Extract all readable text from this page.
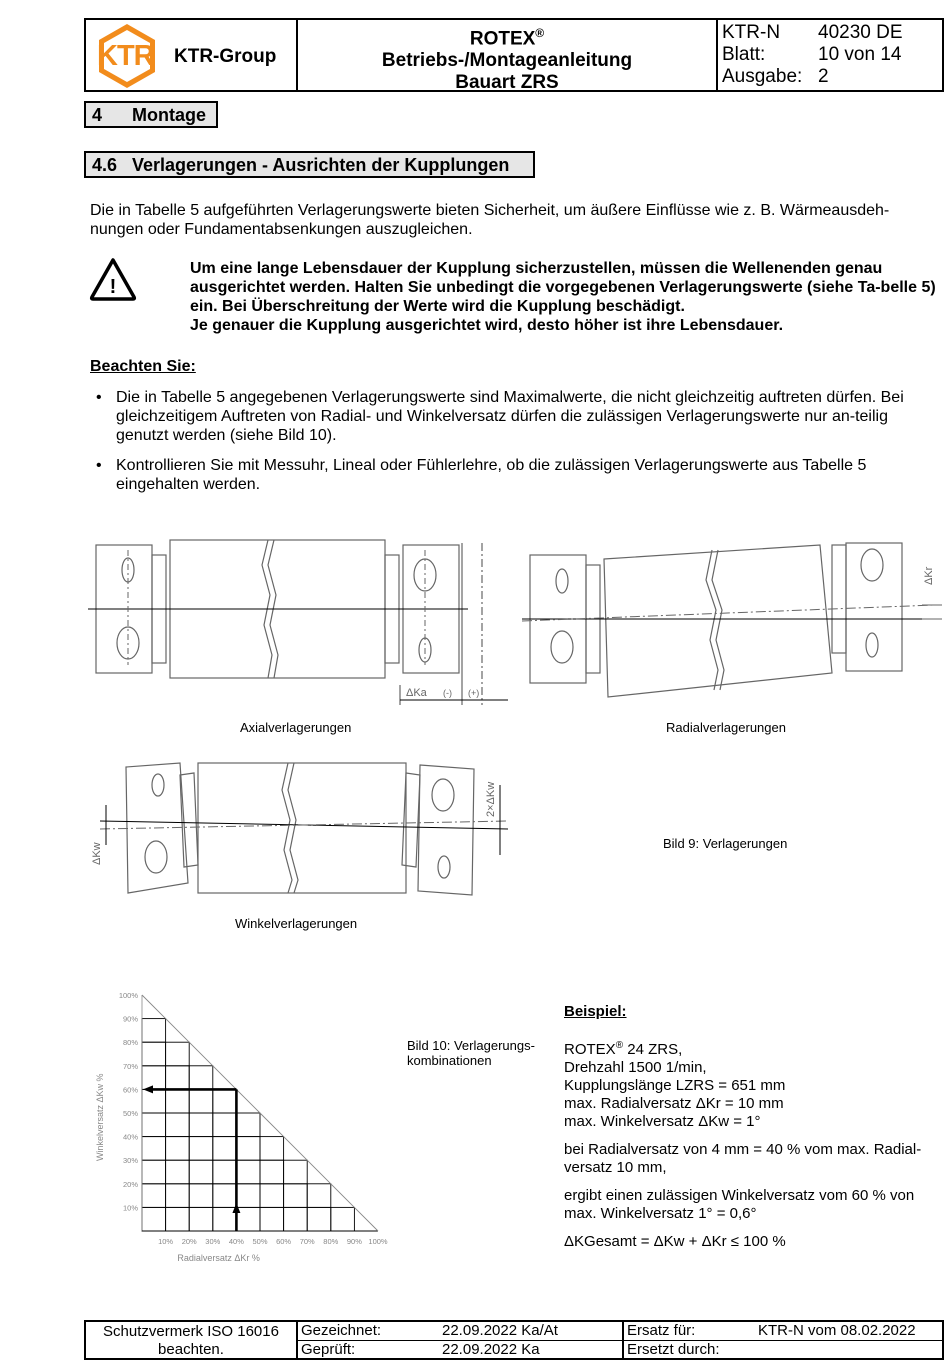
KTR KTR-Group
ROTEX®
Betriebs-/Montageanleitung
Bauart ZRS
KTR-N	40230 DE
Blatt:	10 von 14
Ausgabe: 2
4 Montage
4.6 Verlagerungen - Ausrichten der Kupplungen
Die in Tabelle 5 aufgeführten Verlagerungswerte bieten Sicherheit, um äußere Einflüsse wie z. B. Wärmeausdeh-nungen oder Fundamentabsenkungen auszugleichen.
!
Um eine lange Lebensdauer der Kupplung sicherzustellen, müssen die Wellenenden genau ausgerichtet werden. Halten Sie unbedingt die vorgegebenen Verlagerungswerte (siehe Ta-belle 5) ein. Bei Überschreitung der Werte wird die Kupplung beschädigt.
Je genauer die Kupplung ausgerichtet wird, desto höher ist ihre Lebensdauer.
Beachten Sie:
• Die in Tabelle 5 angegebenen Verlagerungswerte sind Maximalwerte, die nicht gleichzeitig auftreten dürfen. Bei gleichzeitigem Auftreten von Radial- und Winkelversatz dürfen die zulässigen Verlagerungswerte nur an-teilig genutzt werden (siehe Bild 10).
• Kontrollieren Sie mit Messuhr, Lineal oder Fühlerlehre, ob die zulässigen Verlagerungswerte aus Tabelle 5 eingehalten werden.
ΔKa (-) (+)
Axialverlagerungen
ΔKr
Radialverlagerungen
ΔKw
2×ΔKw
Winkelverlagerungen
Bild 9: Verlagerungen
100%
90%
80%
70%
60%
50%
40%
30%
20%
10%
10% 20% 30% 40% 50% 60% 70% 80% 90% 100%
Winkelversatz ΔKw %
Radialversatz ΔKr %
Bild 10: Verlagerungs-
kombinationen
Beispiel:
ROTEX® 24 ZRS,
Drehzahl 1500 1/min,
Kupplungslänge LZRS = 651 mm
max. Radialversatz ΔKr = 10 mm
max. Winkelversatz ΔKw = 1°
bei Radialversatz von 4 mm = 40 % vom max. Radial-versatz 10 mm,
ergibt einen zulässigen Winkelversatz vom 60 % von max. Winkelversatz 1° = 0,6°
ΔKGesamt = ΔKw + ΔKr ≤ 100 %
Schutzvermerk ISO 16016
beachten.
Gezeichnet:	22.09.2022 Ka/At
Geprüft:	22.09.2022 Ka
Ersatz für:	KTR-N vom 08.02.2022
Ersetzt durch:
